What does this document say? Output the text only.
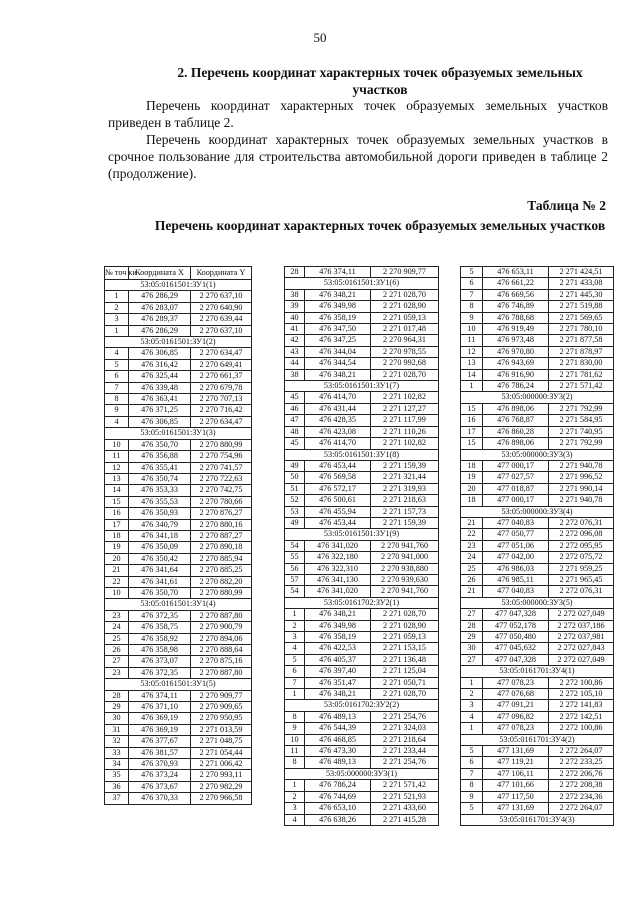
50
2. Перечень координат характерных точек образуемых земельных участков

Перечень координат характерных точек образуемых земельных участков приведен в таблице 2.

Перечень координат характерных точек образуемых земельных участков в срочное пользование для строительства автомобильной дороги приведен в таблице 2 (продолжение).

Таблица № 2
Перечень координат характерных точек образуемых земельных участков
№ точ ки	Координата X	Координата Y
53:05:0161501:ЗУ1(1)		
1	476 286,29	2 270 637,10
2	476 283,07	2 270 640,90
3	476 289,37	2 270 639,44
1	476 286,29	2 270 637,10
53:05:0161501:ЗУ1(2)		
4	476 306,85	2 270 634,47
5	476 316,42	2 270 649,41
6	476 325,44	2 270 661,37
7	476 339,48	2 270 679,78
8	476 363,41	2 270 707,13
9	476 371,25	2 270 716,42
4	476 306,85	2 270 634,47
53:05:0161501:ЗУ1(3)		
10	476 350,70	2 270 880,99
11	476 356,88	2 270 754,96
12	476 355,41	2 270 741,57
13	476 350,74	2 270 722,63
14	476 353,33	2 270 742,75
15	476 355,53	2 270 780,66
16	476 350,93	2 270 876,27
17	476 340,79	2 270 880,16
18	476 341,18	2 270 887,27
19	476 350,09	2 270 890,18
20	476 350,42	2 270 885,94
21	476 341,64	2 270 885,25
22	476 341,61	2 270 882,20
10	476 350,70	2 270 880,99
53:05:0161501:ЗУ1(4)		
23	476 372,35	2 270 887,80
24	476 358,75	2 270 900,79
25	476 358,92	2 270 894,06
26	476 358,98	2 270 888,64
27	476 373,07	2 270 875,16
23	476 372,35	2 270 887,80
53:05:0161501:ЗУ1(5)		
28	476 374,11	2 270 909,77
29	476 371,10	2 270 909,65
30	476 369,19	2 270 950,95
31	476 369,19	2 271 013,59
32	476 377,67	2 271 048,75
33	476 381,57	2 271 054,44
34	476 370,93	2 271 006,42
35	476 373,24	2 270 993,11
36	476 373,67	2 270 982,29
37	476 370,33	2 270 966,58
28	476 374,11	2 270 909,77
53:05:0161501:ЗУ1(6)		
38	476 348,21	2 271 028,70
39	476 349,98	2 271 028,90
40	476 358,19	2 271 059,13
41	476 347,50	2 271 017,48
42	476 347,25	2 270 964,31
43	476 344,04	2 270 978,55
44	476 344,54	2 270 992,68
38	476 348,21	2 271 028,70
53:05:0161501:ЗУ1(7)		
45	476 414,70	2 271 102,82
46	476 431,44	2 271 127,27
47	476 428,35	2 271 117,99
48	476 423,08	2 271 110,26
45	476 414,70	2 271 102,82
53:05:0161501:ЗУ1(8)		
49	476 453,44	2 271 159,39
50	476 569,58	2 271 321,44
51	476 572,17	2 271 319,93
52	476 500,61	2 271 218,63
53	476 455,94	2 271 157,73
49	476 453,44	2 271 159,39
53:05:0161501:ЗУ1(9)		
54	476 341,020	2 270 941,760
55	476 322,180	2 270 941,000
56	476 322,310	2 270 938,880
57	476 341,130	2 270 939,630
54	476 341,020	2 270 941,760
53:05:0161702:ЗУ2(1)		
1	476 348,21	2 271 028,70
2	476 349,98	2 271 028,90
3	476 358,19	2 271 059,13
4	476 422,53	2 271 153,15
5	476 405,37	2 271 136,48
6	476 397,40	2 271 125,04
7	476 351,47	2 271 050,71
1	476 348,21	2 271 028,70
53:05:0161702:ЗУ2(2)		
8	476 489,13	2 271 254,76
9	476 544,39	2 271 324,03
10	476 468,85	2 271 218,64
11	476 473,30	2 271 233,44
8	476 489,13	2 271 254,76
53:05:000000:ЗУ3(1)		
1	476 786,24	2 271 571,42
2	476 744,69	2 271 521,93
3	476 653,10	2 271 433,60
4	476 638,26	2 271 415,28
5	476 653,11	2 271 424,51
6	476 661,22	2 271 433,08
7	476 669,56	2 271 445,30
8	476 746,89	2 271 519,88
9	476 788,68	2 271 569,65
10	476 919,49	2 271 780,10
11	476 973,48	2 271 877,58
12	476 970,80	2 271 878,97
13	476 943,69	2 271 830,00
14	476 916,90	2 271 781,62
1	476 786,24	2 271 571,42
53:05:000000:ЗУ3(2)		
15	476 898,06	2 271 792,99
16	476 768,87	2 271 584,95
17	476 860,28	2 271 740,95
15	476 898,06	2 271 792,99
53:05:000000:ЗУ3(3)		
18	477 000,17	2 271 940,78
19	477 027,57	2 271 996,52
20	477 018,87	2 271 990,14
18	477 000,17	2 271 940,78
53:05:000000:ЗУ3(4)		
21	477 040,83	2 272 076,31
22	477 050,77	2 272 096,08
23	477 051,06	2 272 095,95
24	477 042,00	2 272 075,72
25	476 986,03	2 271 959,25
26	476 985,11	2 271 965,45
21	477 040,83	2 272 076,31
53:05:000000:ЗУ3(5)		
27	477 047,328	2 272 027,049
28	477 052,178	2 272 037,186
29	477 050,480	2 272 037,981
30	477 045,632	2 272 027,843
27	477 047,328	2 272 027,049
53:05:0161701:ЗУ4(1)		
1	477 078,23	2 272 100,86
2	477 076,68	2 272 105,10
3	477 091,21	2 272 141,83
4	477 096,82	2 272 142,51
1	477 078,23	2 272 100,86
53:05:0161701:ЗУ4(2)		
5	477 131,69	2 272 264,07
6	477 119,21	2 272 233,25
7	477 106,11	2 272 206,76
8	477 101,66	2 272 208,38
9	477 117,50	2 272 234,36
5	477 131,69	2 272 264,07
53:05:0161701:ЗУ4(3)		
